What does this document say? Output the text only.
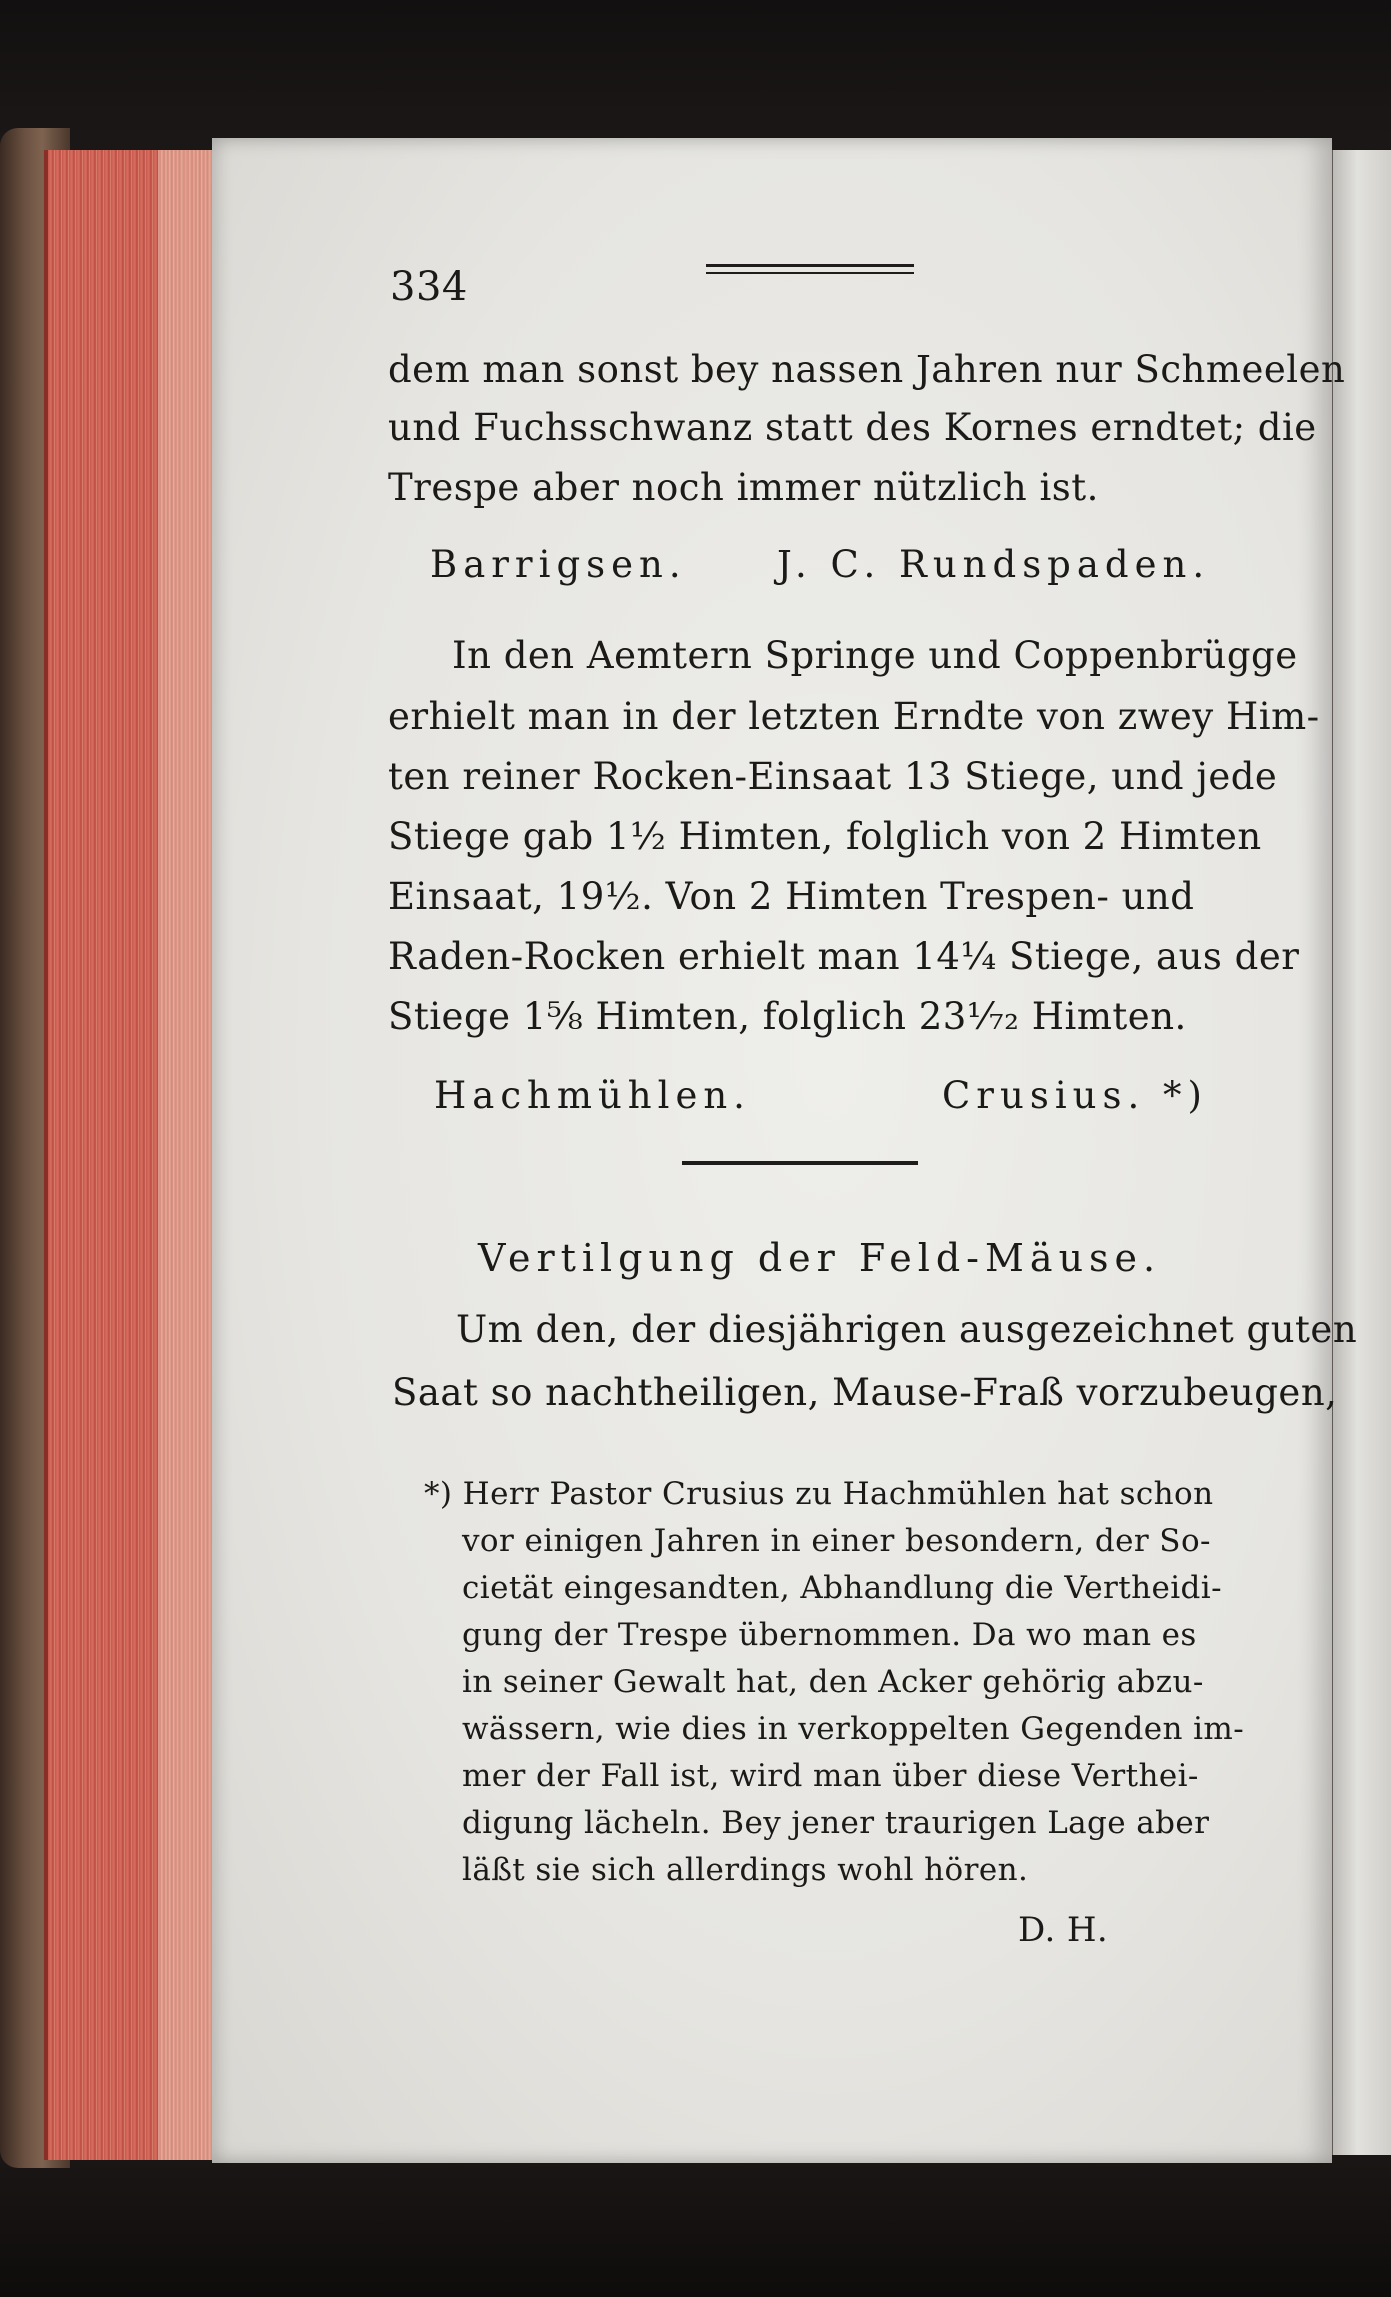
334
dem man sonst bey nassen Jahren nur Schmeelen
und Fuchsschwanz statt des Kornes erndtet; die
Trespe aber noch immer nützlich ist.
Barrigsen. J. C. Rundspaden.
In den Aemtern Springe und Coppenbrügge
erhielt man in der letzten Erndte von zwey Him-
ten reiner Rocken-Einsaat 13 Stiege, und jede
Stiege gab 1½ Himten, folglich von 2 Himten
Einsaat, 19½. Von 2 Himten Trespen- und
Raden-Rocken erhielt man 14¼ Stiege, aus der
Stiege 1⅝ Himten, folglich 23¹⁄₇₂ Himten.
Hachmühlen.	Crusius. *)
Vertilgung der Feld-Mäuse.
Um den, der diesjährigen ausgezeichnet guten
Saat so nachtheiligen, Mause-Fraß vorzubeugen,
*) Herr Pastor Crusius zu Hachmühlen hat schon
vor einigen Jahren in einer besondern, der So-
cietät eingesandten, Abhandlung die Vertheidi-
gung der Trespe übernommen. Da wo man es
in seiner Gewalt hat, den Acker gehörig abzu-
wässern, wie dies in verkoppelten Gegenden im-
mer der Fall ist, wird man über diese Verthei-
digung lächeln. Bey jener traurigen Lage aber
läßt sie sich allerdings wohl hören.
D. H.
